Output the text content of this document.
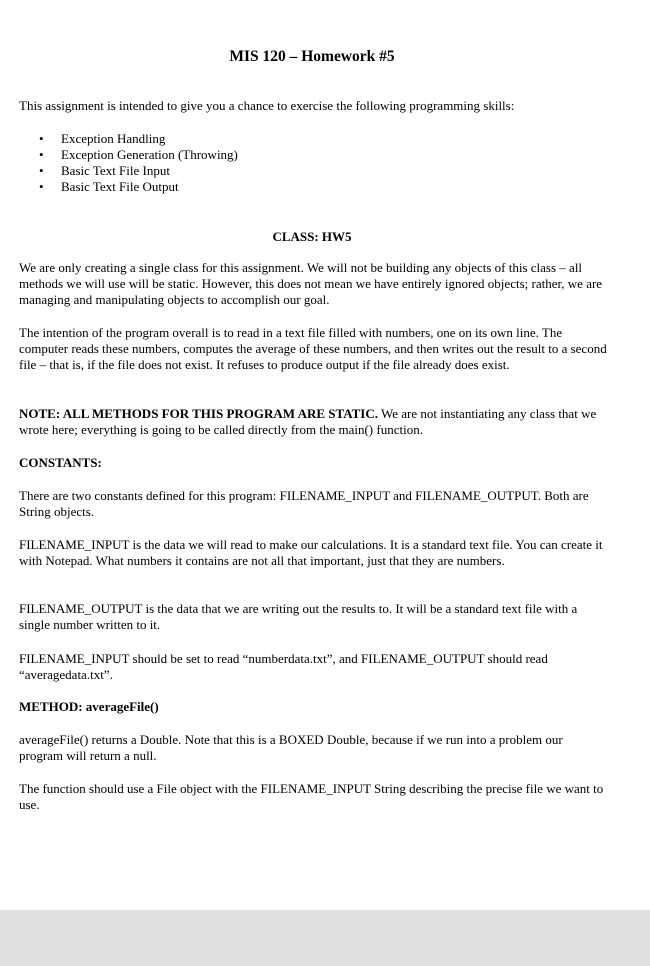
MIS 120 – Homework #5
This assignment is intended to give you a chance to exercise the following programming skills:
• Exception Handling
• Exception Generation (Throwing)
• Basic Text File Input
• Basic Text File Output
CLASS: HW5

We are only creating a single class for this assignment. We will not be building any objects of this class – all methods we will use will be static. However, this does not mean we have entirely ignored objects; rather, we are managing and manipulating objects to accomplish our goal.

The intention of the program overall is to read in a text file filled with numbers, one on its own line. The computer reads these numbers, computes the average of these numbers, and then writes out the result to a second file – that is, if the file does not exist. It refuses to produce output if the file already does exist.

NOTE: ALL METHODS FOR THIS PROGRAM ARE STATIC. We are not instantiating any class that we wrote here; everything is going to be called directly from the main() function.

CONSTANTS:

There are two constants defined for this program: FILENAME_INPUT and FILENAME_OUTPUT. Both are String objects.

FILENAME_INPUT is the data we will read to make our calculations. It is a standard text file. You can create it with Notepad. What numbers it contains are not all that important, just that they are numbers.

FILENAME_OUTPUT is the data that we are writing out the results to. It will be a standard text file with a single number written to it.

FILENAME_INPUT should be set to read “numberdata.txt”, and FILENAME_OUTPUT should read “averagedata.txt”.

METHOD: averageFile()

averageFile() returns a Double. Note that this is a BOXED Double, because if we run into a problem our program will return a null.

The function should use a File object with the FILENAME_INPUT String describing the precise file we want to use.
